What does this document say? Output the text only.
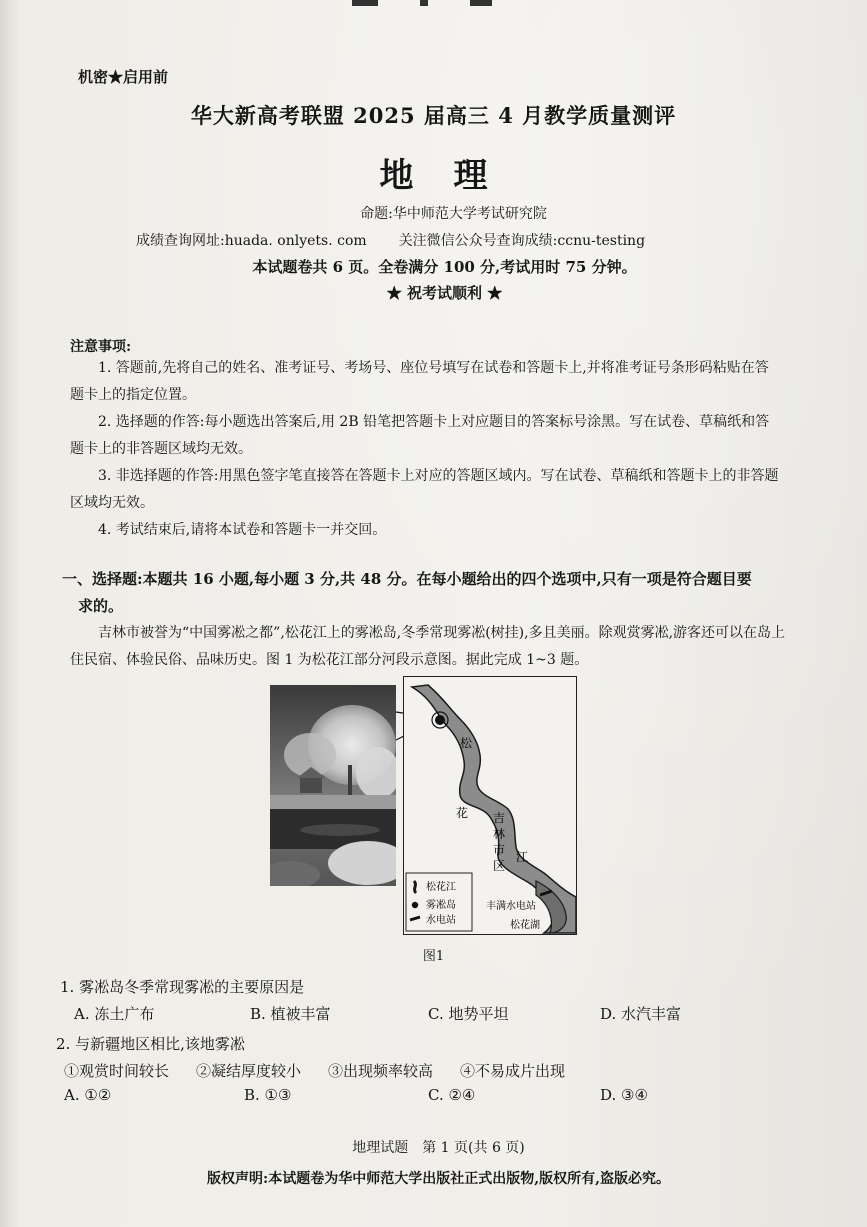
机密★启用前
华大新高考联盟 2025 届高三 4 月教学质量测评
地理
命题:华中师范大学考试研究院
成绩查询网址:huada. onlyets. com 关注微信公众号查询成绩:ccnu-testing
本试题卷共 6 页。全卷满分 100 分,考试用时 75 分钟。
★ 祝考试顺利 ★
注意事项:

1. 答题前,先将自己的姓名、准考证号、考场号、座位号填写在试卷和答题卡上,并将准考证号条形码粘贴在答题卡上的指定位置。

2. 选择题的作答:每小题选出答案后,用 2B 铅笔把答题卡上对应题目的答案标号涂黑。写在试卷、草稿纸和答题卡上的非答题区域均无效。

3. 非选择题的作答:用黑色签字笔直接答在答题卡上对应的答题区域内。写在试卷、草稿纸和答题卡上的非答题区域均无效。

4. 考试结束后,请将本试卷和答题卡一并交回。

一、选择题:本题共 16 小题,每小题 3 分,共 48 分。在每小题给出的四个选项中,只有一项是符合题目要
求的。

吉林市被誉为“中国雾凇之都”,松花江上的雾凇岛,冬季常现雾凇(树挂),多且美丽。除观赏雾凇,游客还可以在岛上住民宿、体验民俗、品味历史。图 1 为松花江部分河段示意图。据此完成 1~3 题。

松
花
江
吉
林
市
区
丰满水电站
松花湖
松花江
雾凇岛
水电站
图1
1. 雾凇岛冬季常现雾凇的主要原因是
A. 冻土广布	B. 植被丰富	C. 地势平坦	D. 水汽丰富
2. 与新疆地区相比,该地雾凇
①观赏时间较长 ②凝结厚度较小 ③出现频率较高 ④不易成片出现
A. ①②	B. ①③	C. ②④	D. ③④
地理试题　第 1 页(共 6 页)
版权声明:本试题卷为华中师范大学出版社正式出版物,版权所有,盗版必究。
